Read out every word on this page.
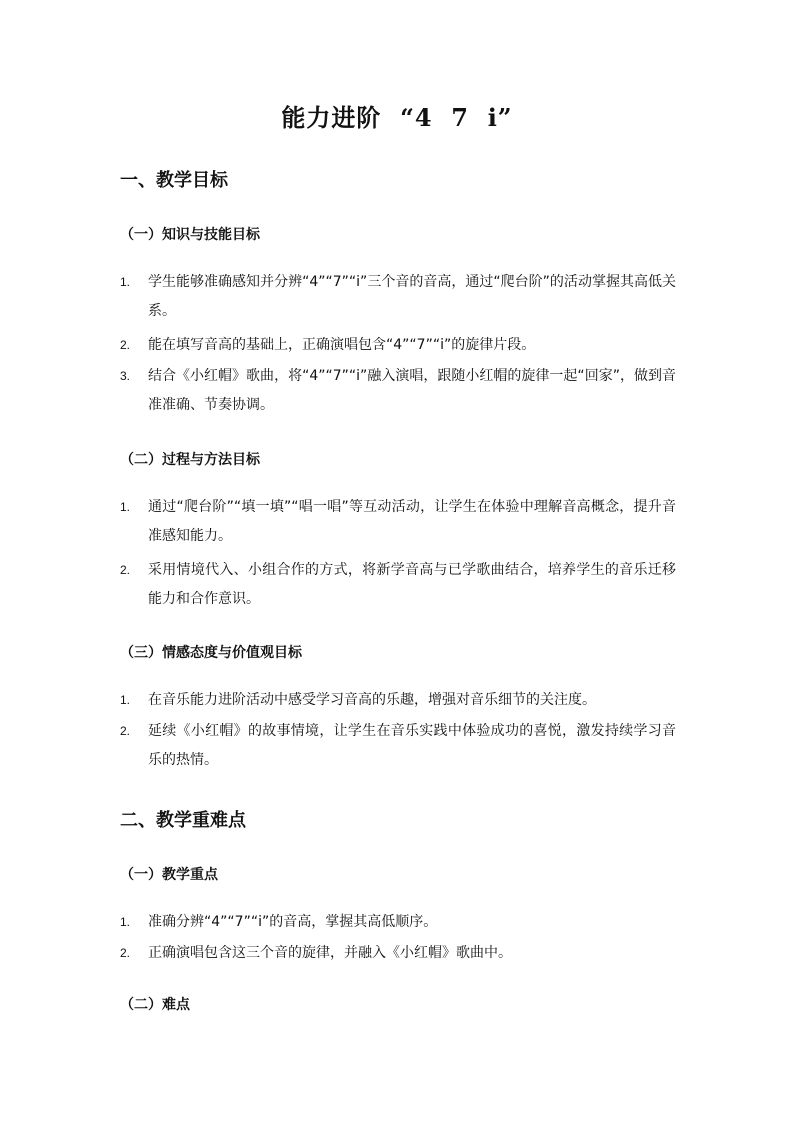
能力进阶  “4  7  i”
一、教学目标
（一）知识与技能目标
1.	学生能够准确感知并分辨“4”“7”“i”三个音的音高，通过“爬台阶”的活动掌握其高低关系。
2.	能在填写音高的基础上，正确演唱包含“4”“7”“i”的旋律片段。
3.	结合《小红帽》歌曲，将“4”“7”“i”融入演唱，跟随小红帽的旋律一起“回家”，做到音准准确、节奏协调。
（二）过程与方法目标
1.	通过“爬台阶”“填一填”“唱一唱”等互动活动，让学生在体验中理解音高概念，提升音准感知能力。
2.	采用情境代入、小组合作的方式，将新学音高与已学歌曲结合，培养学生的音乐迁移能力和合作意识。
（三）情感态度与价值观目标
1.	在音乐能力进阶活动中感受学习音高的乐趣，增强对音乐细节的关注度。
2.	延续《小红帽》的故事情境，让学生在音乐实践中体验成功的喜悦，激发持续学习音乐的热情。
二、教学重难点
（一）教学重点
1.	准确分辨“4”“7”“i”的音高，掌握其高低顺序。
2.	正确演唱包含这三个音的旋律，并融入《小红帽》歌曲中。
（二）难点
